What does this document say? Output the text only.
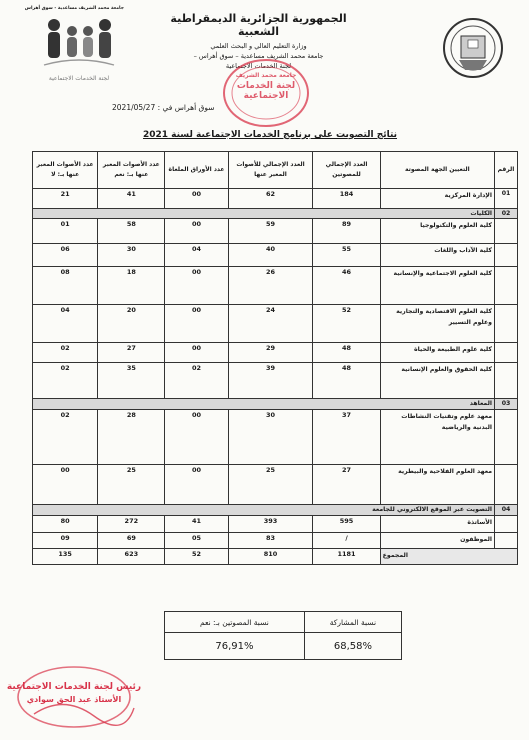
الجمهورية الجزائرية الديمقراطية الشعبية
وزارة التعليم العالي و البحث العلمي
جامعة محمد الشريف مساعدية – سوق أهراس –
لجنة الخدمات الاجتماعية
جامعة محمد الشريف مساعدية - سوق أهراس
لجنة الخدمات الاجتماعية	جامعة محمد الشريف
لجنة الخدمات
الاجتماعية
سوق أهراس في : 2021/05/27
نتائج التصويت على برنامج الخدمات الاجتماعية لسنة 2021
الرقم	التعيين الجهة المصوتة	العدد الإجمالي للمصوتين	العدد الإجمالي للأصوات المعبر عنها	عدد الأوراق الملغاة	عدد الأصوات المعبر عنها بـ: نعم	عدد الأصوات المعبر عنها بـ: لا
01	الإدارة المركزية	184	62	00	41	21
02	الكليات					
	كلية العلوم والتكنولوجيا	89	59	00	58	01
	كلية الآداب واللغات	55	40	04	30	06
	كلية العلوم الاجتماعية والإنسانية	46	26	00	18	08
	كلية العلوم الاقتصادية والتجارية وعلوم التسيير	52	24	00	20	04
	كلية علوم الطبيعة والحياة	48	29	00	27	02
	كلية الحقوق والعلوم الإنسانية	48	39	02	35	02
03	المعاهد					
	معهد علوم وتقنيات النشاطات البدنية والرياضية	37	30	00	28	02
	معهد العلوم الفلاحية والبيطرية	27	25	00	25	00
04	التصويت عبر الموقع الالكتروني للجامعة					
	الأساتذة	595	393	41	272	80
	الموظفون	/	83	05	69	09
المجموع		1181	810	52	623	135
نسبة المشاركة	نسبة المصوتين بـ: نعم
68,58%	76,91%
رئيس لجنة الخدمات الاجتماعية
الأستاذ عبد الحق سوادي
